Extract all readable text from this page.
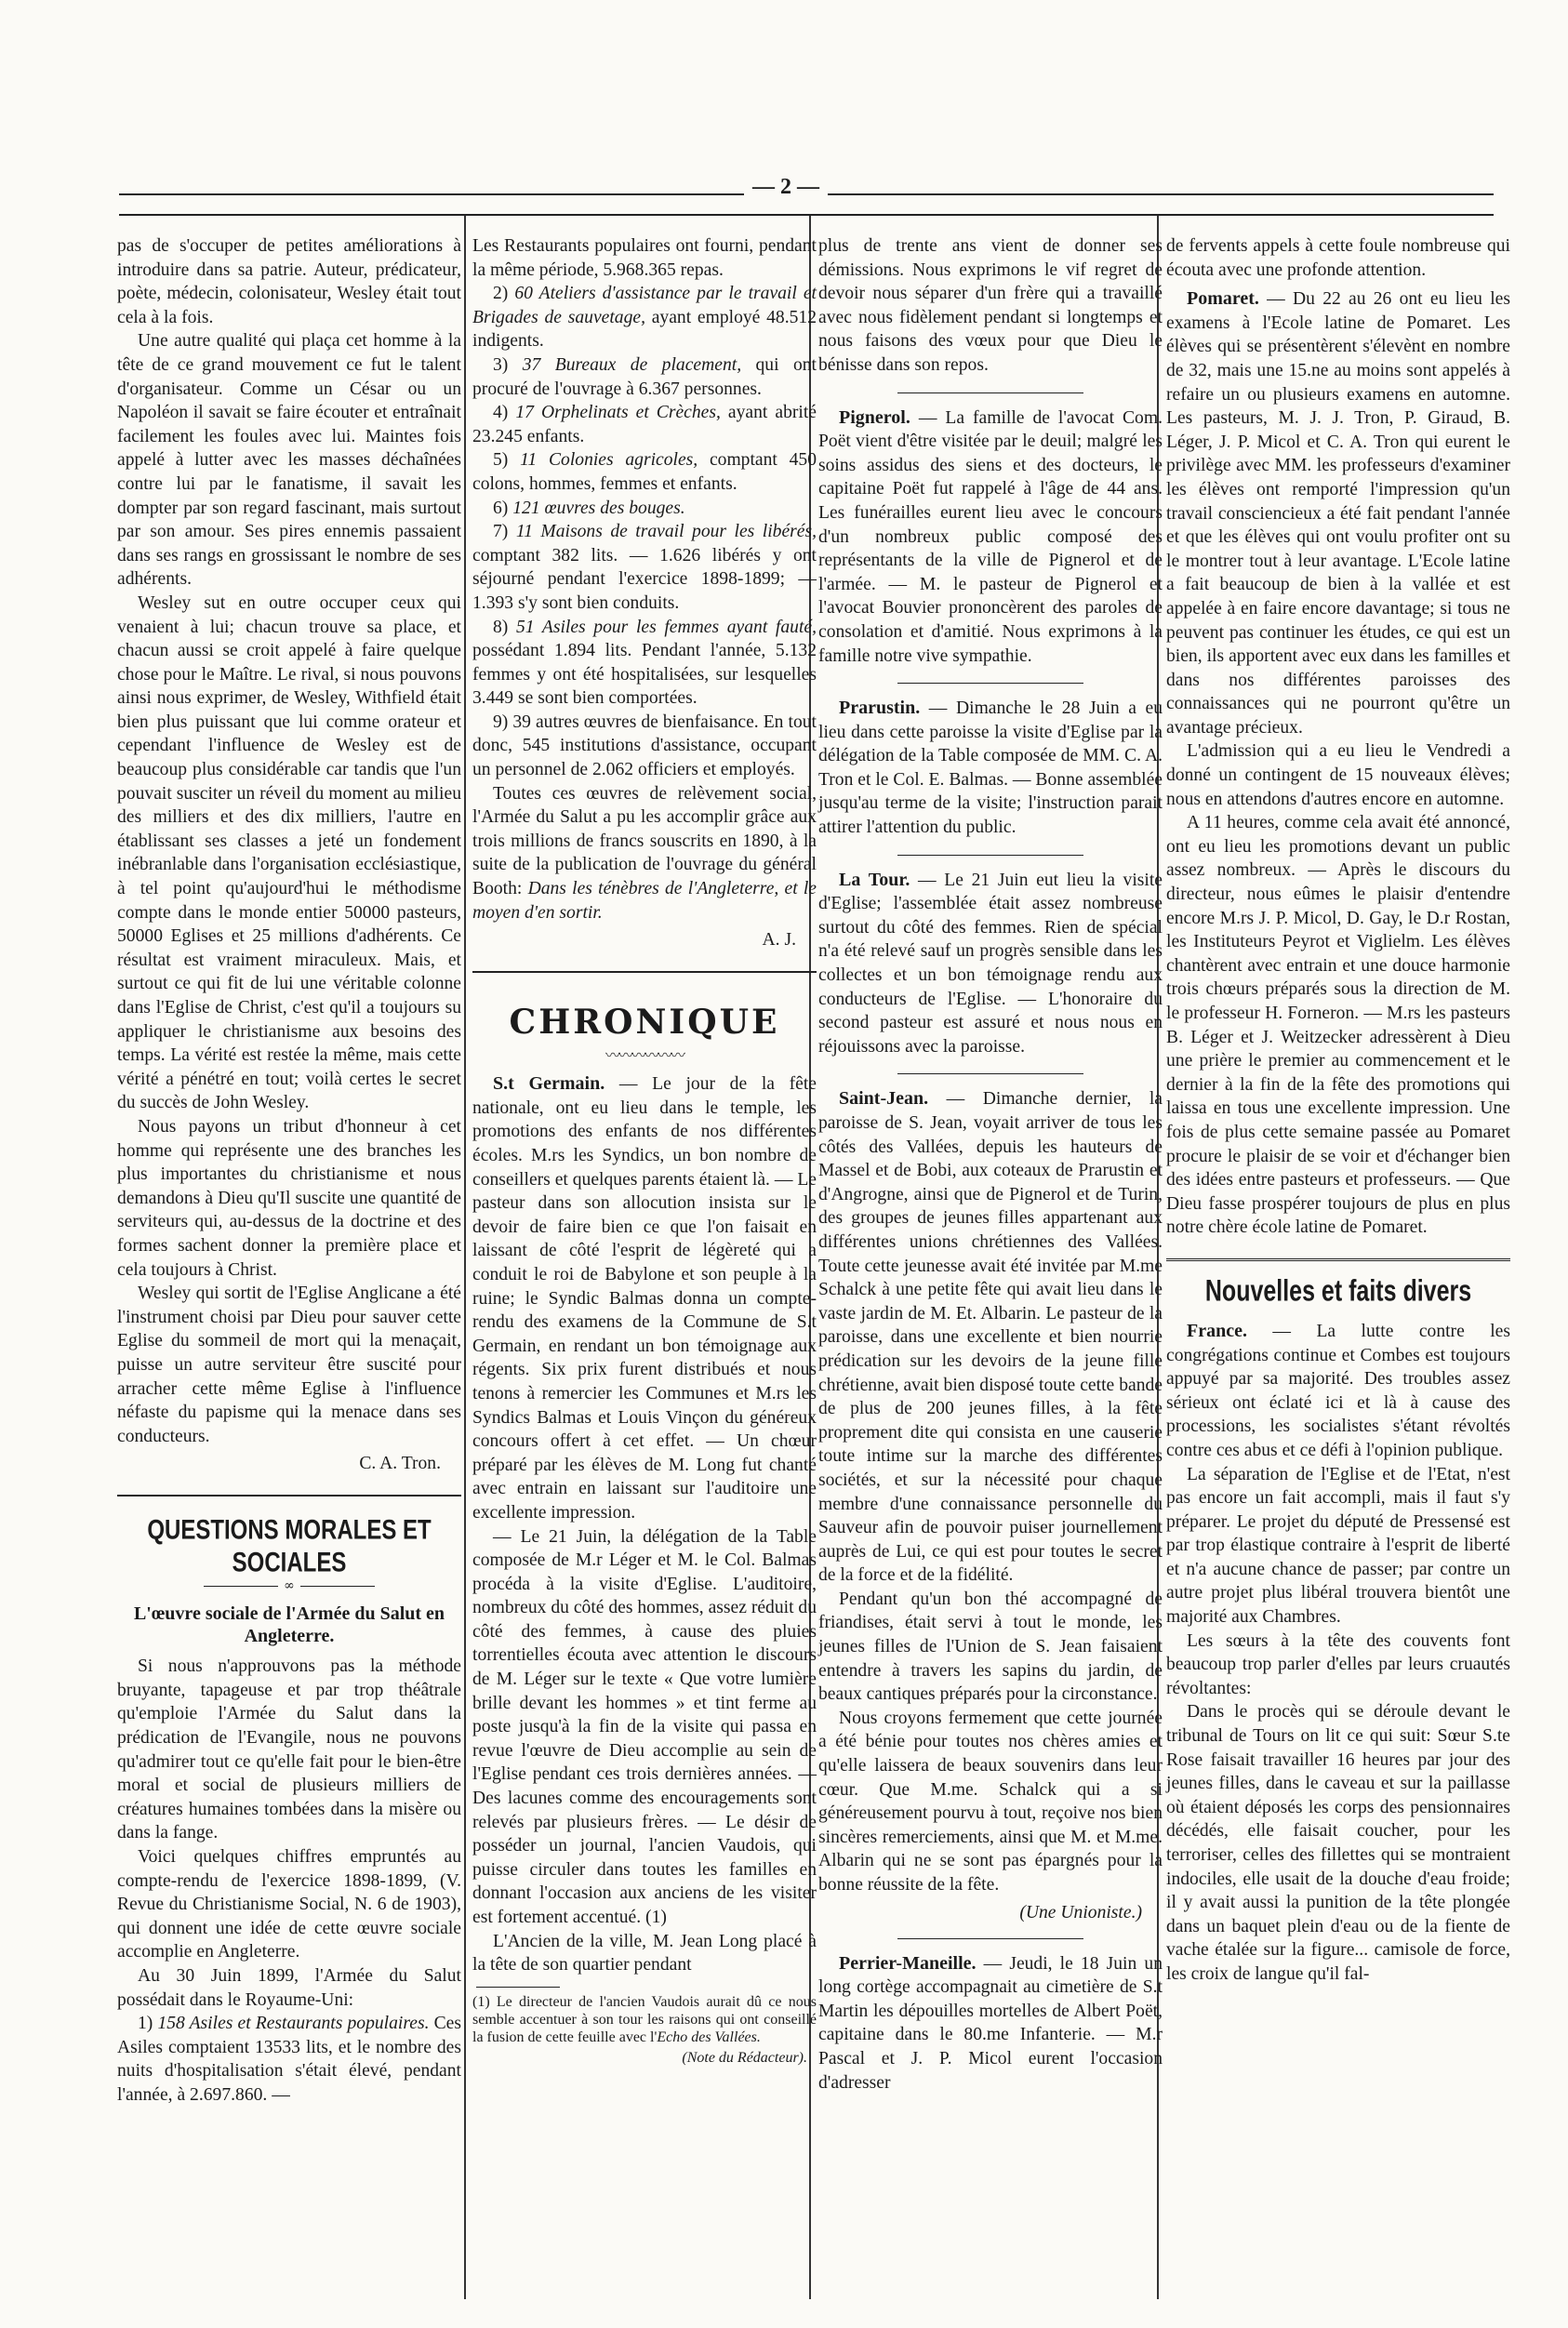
— 2 —

pas de s'occuper de petites améliorations à introduire dans sa patrie. Auteur, prédicateur, poète, médecin, colonisateur, Wesley était tout cela à la fois.

Une autre qualité qui plaça cet homme à la tête de ce grand mouvement ce fut le talent d'organisateur. Comme un César ou un Napoléon il savait se faire écouter et entraînait facilement les foules avec lui. Maintes fois appelé à lutter avec les masses déchaînées contre lui par le fanatisme, il savait les dompter par son regard fascinant, mais surtout par son amour. Ses pires ennemis passaient dans ses rangs en grossissant le nombre de ses adhérents.

Wesley sut en outre occuper ceux qui venaient à lui; chacun trouve sa place, et chacun aussi se croit appelé à faire quelque chose pour le Maître. Le rival, si nous pouvons ainsi nous exprimer, de Wesley, Withfield était bien plus puissant que lui comme orateur et cependant l'influence de Wesley est de beaucoup plus considérable car tandis que l'un pouvait susciter un réveil du moment au milieu des milliers et des dix milliers, l'autre en établissant ses classes a jeté un fondement inébranlable dans l'organisation ecclésiastique, à tel point qu'aujourd'hui le méthodisme compte dans le monde entier 50000 pasteurs, 50000 Eglises et 25 millions d'adhérents. Ce résultat est vraiment miraculeux. Mais, et surtout ce qui fit de lui une véritable colonne dans l'Eglise de Christ, c'est qu'il a toujours su appliquer le christianisme aux besoins des temps. La vérité est restée la même, mais cette vérité a pénétré en tout; voilà certes le secret du succès de John Wesley.

Nous payons un tribut d'honneur à cet homme qui représente une des branches les plus importantes du christianisme et nous demandons à Dieu qu'Il suscite une quantité de serviteurs qui, au-dessus de la doctrine et des formes sachent donner la première place et cela toujours à Christ.

Wesley qui sortit de l'Eglise Anglicane a été l'instrument choisi par Dieu pour sauver cette Eglise du sommeil de mort qui la menaçait, puisse un autre serviteur être suscité pour arracher cette même Eglise à l'influence néfaste du papisme qui la menace dans ses conducteurs.

C. A. Tron.
QUESTIONS MORALES ET SOCIALES
∞
L'œuvre sociale de l'Armée du Salut en Angleterre.

Si nous n'approuvons pas la méthode bruyante, tapageuse et par trop théâtrale qu'emploie l'Armée du Salut dans la prédication de l'Evangile, nous ne pouvons qu'admirer tout ce qu'elle fait pour le bien-être moral et social de plusieurs milliers de créatures humaines tombées dans la misère ou dans la fange.

Voici quelques chiffres empruntés au compte-rendu de l'exercice 1898-1899, (V. Revue du Christianisme Social, N. 6 de 1903), qui donnent une idée de cette œuvre sociale accomplie en Angleterre.

Au 30 Juin 1899, l'Armée du Salut possédait dans le Royaume-Uni:

1) 158 Asiles et Restaurants populaires. Ces Asiles comptaient 13533 lits, et le nombre des nuits d'hospitalisation s'était élevé, pendant l'année, à 2.697.860. —

Les Restaurants populaires ont fourni, pendant la même période, 5.968.365 repas.

2) 60 Ateliers d'assistance par le travail et Brigades de sauvetage, ayant employé 48.512 indigents.

3) 37 Bureaux de placement, qui ont procuré de l'ouvrage à 6.367 personnes.

4) 17 Orphelinats et Crèches, ayant abrité 23.245 enfants.

5) 11 Colonies agricoles, comptant 450 colons, hommes, femmes et enfants.

6) 121 œuvres des bouges.

7) 11 Maisons de travail pour les libérés, comptant 382 lits. — 1.626 libérés y ont séjourné pendant l'exercice 1898-1899; — 1.393 s'y sont bien conduits.

8) 51 Asiles pour les femmes ayant fauté, possédant 1.894 lits. Pendant l'année, 5.132 femmes y ont été hospitalisées, sur lesquelles 3.449 se sont bien comportées.

9) 39 autres œuvres de bienfaisance. En tout donc, 545 institutions d'assistance, occupant un personnel de 2.062 officiers et employés.

Toutes ces œuvres de relèvement social, l'Armée du Salut a pu les accomplir grâce aux trois millions de francs souscrits en 1890, à la suite de la publication de l'ouvrage du général Booth: Dans les ténèbres de l'Angleterre, et le moyen d'en sortir.

A. J.
CHRONIQUE
〰〰〰〰〰〰

S.t Germain. — Le jour de la fête nationale, ont eu lieu dans le temple, les promotions des enfants de nos différentes écoles. M.rs les Syndics, un bon nombre de conseillers et quelques parents étaient là. — Le pasteur dans son allocution insista sur le devoir de faire bien ce que l'on faisait en laissant de côté l'esprit de légèreté qui a conduit le roi de Babylone et son peuple à la ruine; le Syndic Balmas donna un compte-rendu des examens de la Commune de S.t Germain, en rendant un bon témoignage aux régents. Six prix furent distribués et nous tenons à remercier les Communes et M.rs les Syndics Balmas et Louis Vinçon du généreux concours offert à cet effet. — Un chœur préparé par les élèves de M. Long fut chanté avec entrain en laissant sur l'auditoire une excellente impression.

— Le 21 Juin, la délégation de la Table composée de M.r Léger et M. le Col. Balmas procéda à la visite d'Eglise. L'auditoire, nombreux du côté des hommes, assez réduit du côté des femmes, à cause des pluies torrentielles écouta avec attention le discours de M. Léger sur le texte « Que votre lumière brille devant les hommes » et tint ferme au poste jusqu'à la fin de la visite qui passa en revue l'œuvre de Dieu accomplie au sein de l'Eglise pendant ces trois dernières années. — Des lacunes comme des encouragements sont relevés par plusieurs frères. — Le désir de posséder un journal, l'ancien Vaudois, qui puisse circuler dans toutes les familles en donnant l'occasion aux anciens de les visiter est fortement accentué. (1)

L'Ancien de la ville, M. Jean Long placé à la tête de son quartier pendant

(1) Le directeur de l'ancien Vaudois aurait dû ce nous semble accentuer à son tour les raisons qui ont conseillé la fusion de cette feuille avec l'Echo des Vallées.
(Note du Rédacteur).

plus de trente ans vient de donner ses démissions. Nous exprimons le vif regret de devoir nous séparer d'un frère qui a travaillé avec nous fidèlement pendant si longtemps et nous faisons des vœux pour que Dieu le bénisse dans son repos.

Pignerol. — La famille de l'avocat Com. Poët vient d'être visitée par le deuil; malgré les soins assidus des siens et des docteurs, le capitaine Poët fut rappelé à l'âge de 44 ans. Les funérailles eurent lieu avec le concours d'un nombreux public composé des représentants de la ville de Pignerol et de l'armée. — M. le pasteur de Pignerol et l'avocat Bouvier prononcèrent des paroles de consolation et d'amitié. Nous exprimons à la famille notre vive sympathie.

Prarustin. — Dimanche le 28 Juin a eu lieu dans cette paroisse la visite d'Eglise par la délégation de la Table composée de MM. C. A. Tron et le Col. E. Balmas. — Bonne assemblée jusqu'au terme de la visite; l'instruction parait attirer l'attention du public.

La Tour. — Le 21 Juin eut lieu la visite d'Eglise; l'assemblée était assez nombreuse surtout du côté des femmes. Rien de spécial n'a été relevé sauf un progrès sensible dans les collectes et un bon témoignage rendu aux conducteurs de l'Eglise. — L'honoraire du second pasteur est assuré et nous nous en réjouissons avec la paroisse.

Saint-Jean. — Dimanche dernier, la paroisse de S. Jean, voyait arriver de tous les côtés des Vallées, depuis les hauteurs de Massel et de Bobi, aux coteaux de Prarustin et d'Angrogne, ainsi que de Pignerol et de Turin, des groupes de jeunes filles appartenant aux différentes unions chrétiennes des Vallées. Toute cette jeunesse avait été invitée par M.me Schalck à une petite fête qui avait lieu dans le vaste jardin de M. Et. Albarin. Le pasteur de la paroisse, dans une excellente et bien nourrie prédication sur les devoirs de la jeune fille chrétienne, avait bien disposé toute cette bande de plus de 200 jeunes filles, à la fête proprement dite qui consista en une causerie toute intime sur la marche des différentes sociétés, et sur la nécessité pour chaque membre d'une connaissance personnelle du Sauveur afin de pouvoir puiser journellement auprès de Lui, ce qui est pour toutes le secret de la force et de la fidélité.

Pendant qu'un bon thé accompagné de friandises, était servi à tout le monde, les jeunes filles de l'Union de S. Jean faisaient entendre à travers les sapins du jardin, de beaux cantiques préparés pour la circonstance.

Nous croyons fermement que cette journée a été bénie pour toutes nos chères amies et qu'elle laissera de beaux souvenirs dans leur cœur. Que M.me. Schalck qui a si généreusement pourvu à tout, reçoive nos bien sincères remerciements, ainsi que M. et M.me. Albarin qui ne se sont pas épargnés pour la bonne réussite de la fête.

(Une Unioniste.)

Perrier-Maneille. — Jeudi, le 18 Juin un long cortège accompagnait au cimetière de S.t Martin les dépouilles mortelles de Albert Poët, capitaine dans le 80.me Infanterie. — M.r Pascal et J. P. Micol eurent l'occasion d'adresser

de fervents appels à cette foule nombreuse qui écouta avec une profonde attention.

Pomaret. — Du 22 au 26 ont eu lieu les examens à l'Ecole latine de Pomaret. Les élèves qui se présentèrent s'élevènt en nombre de 32, mais une 15.ne au moins sont appelés à refaire un ou plusieurs examens en automne. Les pasteurs, M. J. J. Tron, P. Giraud, B. Léger, J. P. Micol et C. A. Tron qui eurent le privilège avec MM. les professeurs d'examiner les élèves ont remporté l'impression qu'un travail consciencieux a été fait pendant l'année et que les élèves qui ont voulu profiter ont su le montrer tout à leur avantage. L'Ecole latine a fait beaucoup de bien à la vallée et est appelée à en faire encore davantage; si tous ne peuvent pas continuer les études, ce qui est un bien, ils apportent avec eux dans les familles et dans nos différentes paroisses des connaissances qui ne pourront qu'être un avantage précieux.

L'admission qui a eu lieu le Vendredi a donné un contingent de 15 nouveaux élèves; nous en attendons d'autres encore en automne.

A 11 heures, comme cela avait été annoncé, ont eu lieu les promotions devant un public assez nombreux. — Après le discours du directeur, nous eûmes le plaisir d'entendre encore M.rs J. P. Micol, D. Gay, le D.r Rostan, les Instituteurs Peyrot et Viglielm. Les élèves chantèrent avec entrain et une douce harmonie trois chœurs préparés sous la direction de M. le professeur H. Forneron. — M.rs les pasteurs B. Léger et J. Weitzecker adressèrent à Dieu une prière le premier au commencement et le dernier à la fin de la fête des promotions qui laissa en tous une excellente impression. Une fois de plus cette semaine passée au Pomaret procure le plaisir de se voir et d'échanger bien des idées entre pasteurs et professeurs. — Que Dieu fasse prospérer toujours de plus en plus notre chère école latine de Pomaret.

Nouvelles et faits divers

France. — La lutte contre les congrégations continue et Combes est toujours appuyé par sa majorité. Des troubles assez sérieux ont éclaté ici et là à cause des processions, les socialistes s'étant révoltés contre ces abus et ce défi à l'opinion publique.

La séparation de l'Eglise et de l'Etat, n'est pas encore un fait accompli, mais il faut s'y préparer. Le projet du député de Pressensé est par trop élastique contraire à l'esprit de liberté et n'a aucune chance de passer; par contre un autre projet plus libéral trouvera bientôt une majorité aux Chambres.

Les sœurs à la tête des couvents font beaucoup trop parler d'elles par leurs cruautés révoltantes:

Dans le procès qui se déroule devant le tribunal de Tours on lit ce qui suit: Sœur S.te Rose faisait travailler 16 heures par jour des jeunes filles, dans le caveau et sur la paillasse où étaient déposés les corps des pensionnaires décédés, elle faisait coucher, pour les terroriser, celles des fillettes qui se montraient indociles, elle usait de la douche d'eau froide; il y avait aussi la punition de la tête plongée dans un baquet plein d'eau ou de la fiente de vache étalée sur la figure... camisole de force, les croix de langue qu'il fal-
